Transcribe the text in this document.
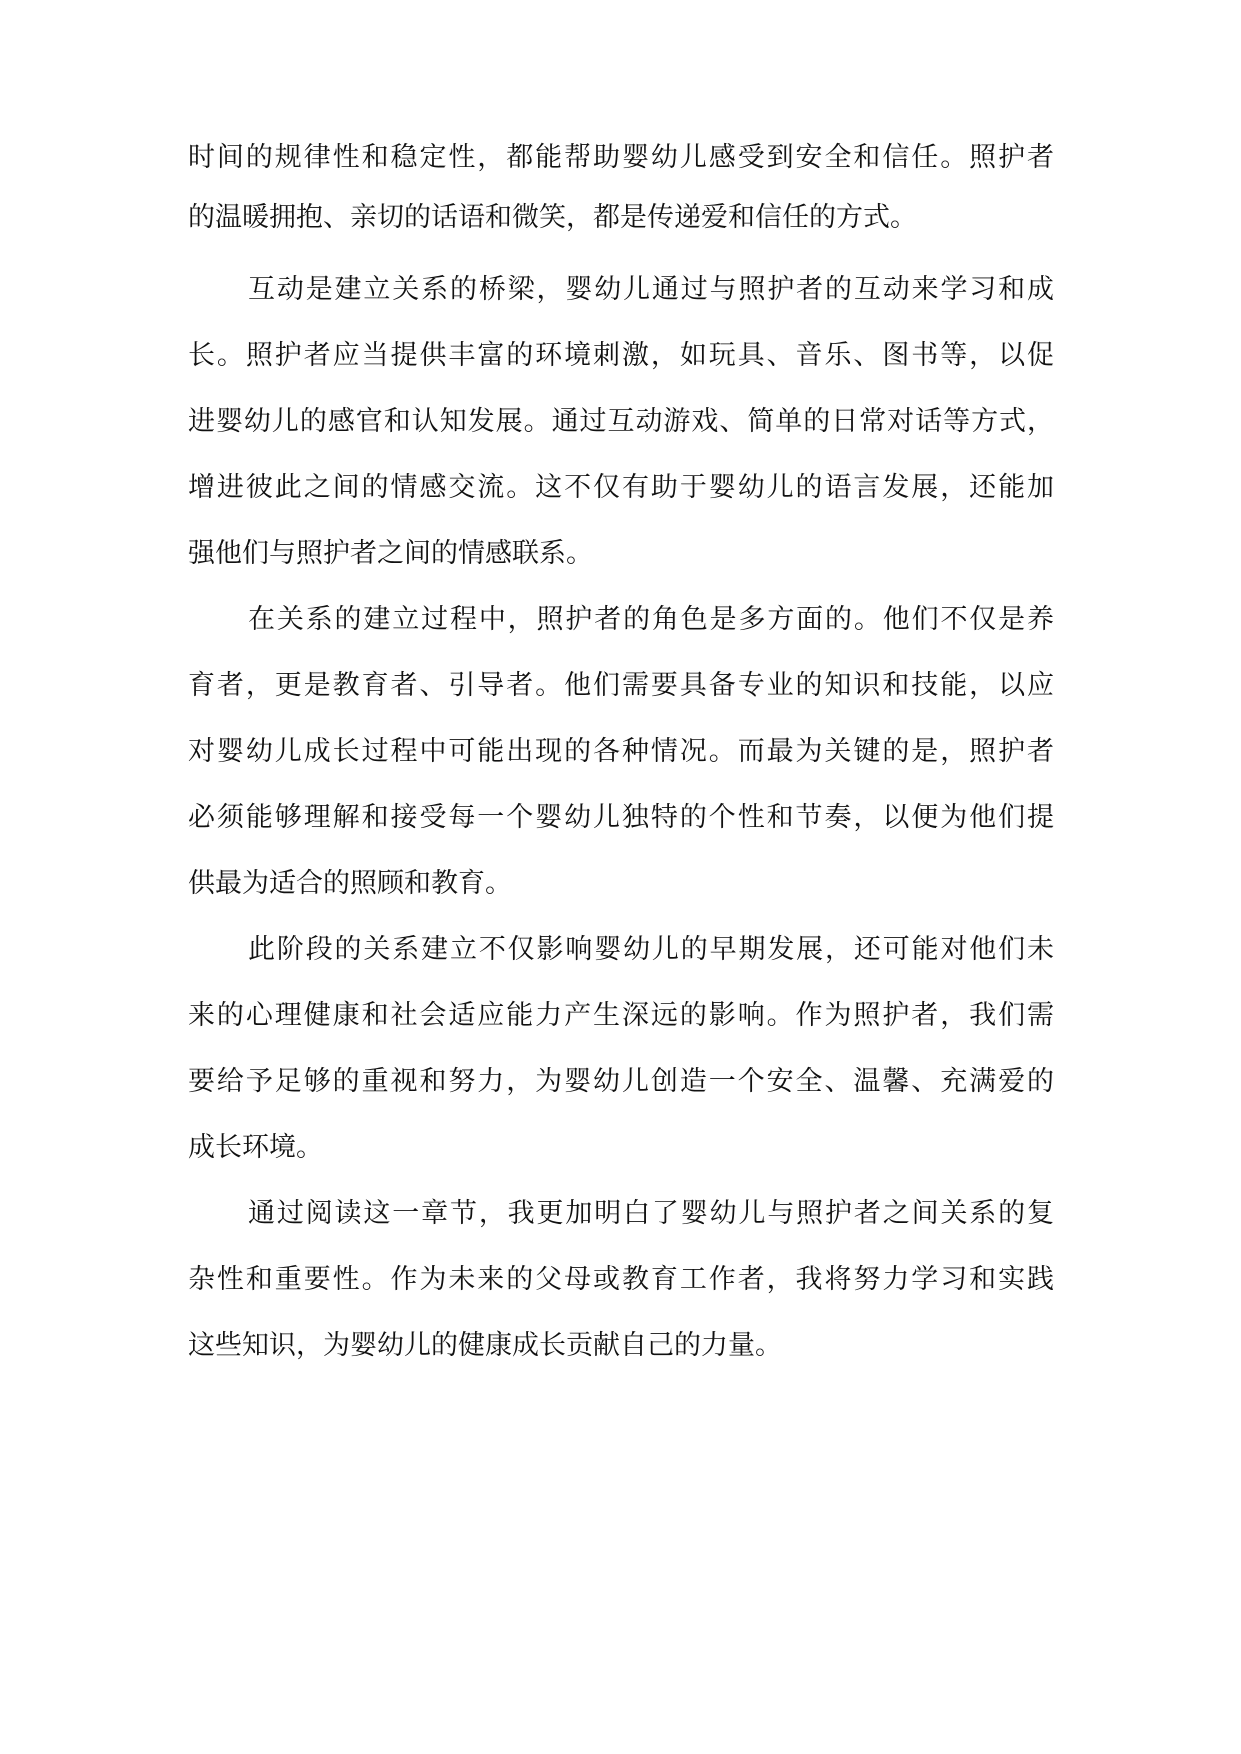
时间的规律性和稳定性，都能帮助婴幼儿感受到安全和信任。照护者
的温暖拥抱、亲切的话语和微笑，都是传递爱和信任的方式。
互动是建立关系的桥梁，婴幼儿通过与照护者的互动来学习和成
长。照护者应当提供丰富的环境刺激，如玩具、音乐、图书等，以促
进婴幼儿的感官和认知发展。通过互动游戏、简单的日常对话等方式，
增进彼此之间的情感交流。这不仅有助于婴幼儿的语言发展，还能加
强他们与照护者之间的情感联系。
在关系的建立过程中，照护者的角色是多方面的。他们不仅是养
育者，更是教育者、引导者。他们需要具备专业的知识和技能，以应
对婴幼儿成长过程中可能出现的各种情况。而最为关键的是，照护者
必须能够理解和接受每一个婴幼儿独特的个性和节奏，以便为他们提
供最为适合的照顾和教育。
此阶段的关系建立不仅影响婴幼儿的早期发展，还可能对他们未
来的心理健康和社会适应能力产生深远的影响。作为照护者，我们需
要给予足够的重视和努力，为婴幼儿创造一个安全、温馨、充满爱的
成长环境。
通过阅读这一章节，我更加明白了婴幼儿与照护者之间关系的复
杂性和重要性。作为未来的父母或教育工作者，我将努力学习和实践
这些知识，为婴幼儿的健康成长贡献自己的力量。
